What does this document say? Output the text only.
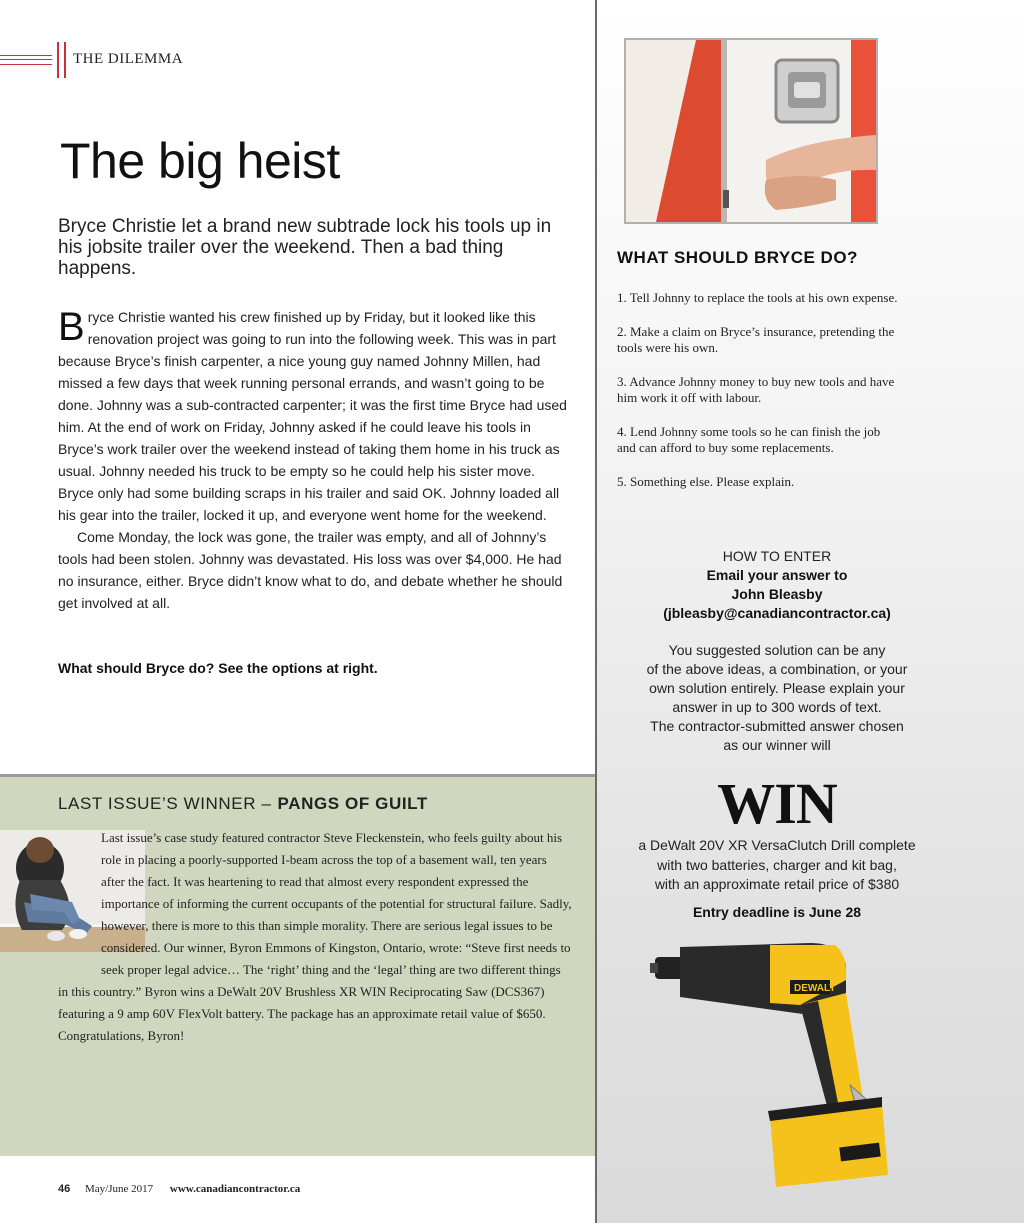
THE DILEMMA
The big heist
Bryce Christie let a brand new subtrade lock his tools up in his jobsite trailer over the weekend. Then a bad thing happens.

Bryce Christie wanted his crew finished up by Friday, but it looked like this renovation project was going to run into the following week. This was in part because Bryce’s finish carpenter, a nice young guy named Johnny Millen, had missed a few days that week running personal errands, and wasn’t going to be done. Johnny was a sub-contracted carpenter; it was the first time Bryce had used him. At the end of work on Friday, Johnny asked if he could leave his tools in Bryce’s work trailer over the weekend instead of taking them home in his truck as usual. Johnny needed his truck to be empty so he could help his sister move. Bryce only had some building scraps in his trailer and said OK. Johnny loaded all his gear into the trailer, locked it up, and everyone went home for the weekend.

Come Monday, the lock was gone, the trailer was empty, and all of Johnny’s tools had been stolen. Johnny was devastated. His loss was over $4,000. He had no insurance, either. Bryce didn’t know what to do, and debate whether he should get involved at all.

What should Bryce do? See the options at right.
LAST ISSUE’S WINNER – PANGS OF GUILT
Last issue’s case study featured contractor Steve Fleckenstein, who feels guilty about his role in placing a poorly-supported I-beam across the top of a basement wall, ten years after the fact. It was heartening to read that almost every respondent expressed the importance of informing the current occupants of the potential for structural failure. Sadly, however, there is more to this than simple morality. There are serious legal issues to be considered. Our winner, Byron Emmons of Kingston, Ontario, wrote: “Steve first needs to seek proper legal advice… The ‘right’ thing and the ‘legal’ thing are two different things in this country.” Byron wins a DeWalt 20V Brushless XR WIN Reciprocating Saw (DCS367) featuring a 9 amp 60V FlexVolt battery. The package has an approximate retail value of $650. Congratulations, Byron!
46 May/June 2017 www.canadiancontractor.ca
WHAT SHOULD BRYCE DO?
1. Tell Johnny to replace the tools at his own expense.
2. Make a claim on Bryce’s insurance, pretending the tools were his own.
3. Advance Johnny money to buy new tools and have him work it off with labour.
4. Lend Johnny some tools so he can finish the job and can afford to buy some replacements.
5. Something else. Please explain.
HOW TO ENTER
Email your answer to
John Bleasby
(jbleasby@canadiancontractor.ca)
You suggested solution can be any
of the above ideas, a combination, or your
own solution entirely. Please explain your
answer in up to 300 words of text.
The contractor-submitted answer chosen
as our winner will
WIN
a DeWalt 20V XR VersaClutch Drill complete
with two batteries, charger and kit bag,
with an approximate retail price of $380
Entry deadline is June 28
DEWALT
